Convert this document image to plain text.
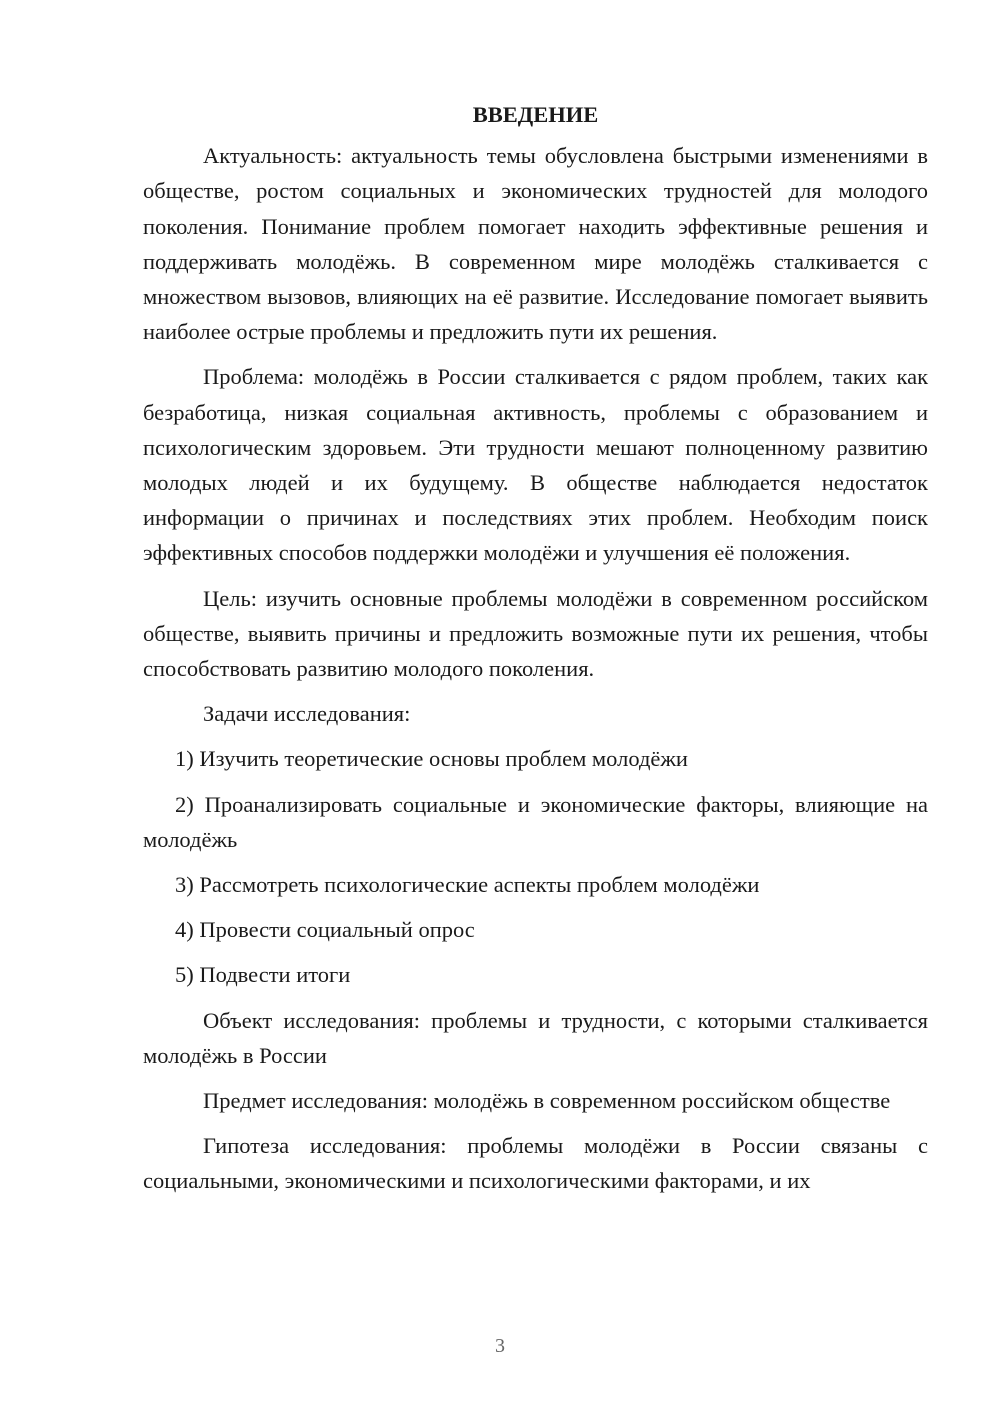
ВВЕДЕНИЕ

Актуальность: актуальность темы обусловлена быстрыми изменениями в обществе, ростом социальных и экономических трудностей для молодого поколения. Понимание проблем помогает находить эффективные решения и поддерживать молодёжь. В современном мире молодёжь сталкивается с множеством вызовов, влияющих на её развитие. Исследование помогает выявить наиболее острые проблемы и предложить пути их решения.

Проблема: молодёжь в России сталкивается с рядом проблем, таких как безработица, низкая социальная активность, проблемы с образованием и психологическим здоровьем. Эти трудности мешают полноценному развитию молодых людей и их будущему. В обществе наблюдается недостаток информации о причинах и последствиях этих проблем. Необходим поиск эффективных способов поддержки молодёжи и улучшения её положения.

Цель: изучить основные проблемы молодёжи в современном российском обществе, выявить причины и предложить возможные пути их решения, чтобы способствовать развитию молодого поколения.

Задачи исследования:

1) Изучить теоретические основы проблем молодёжи

2) Проанализировать социальные и экономические факторы, влияющие на молодёжь

3) Рассмотреть психологические аспекты проблем молодёжи

4) Провести социальный опрос

5) Подвести итоги

Объект исследования: проблемы и трудности, с которыми сталкивается молодёжь в России

Предмет исследования: молодёжь в современном российском обществе

Гипотеза исследования: проблемы молодёжи в России связаны с социальными, экономическими и психологическими факторами, и их

3
